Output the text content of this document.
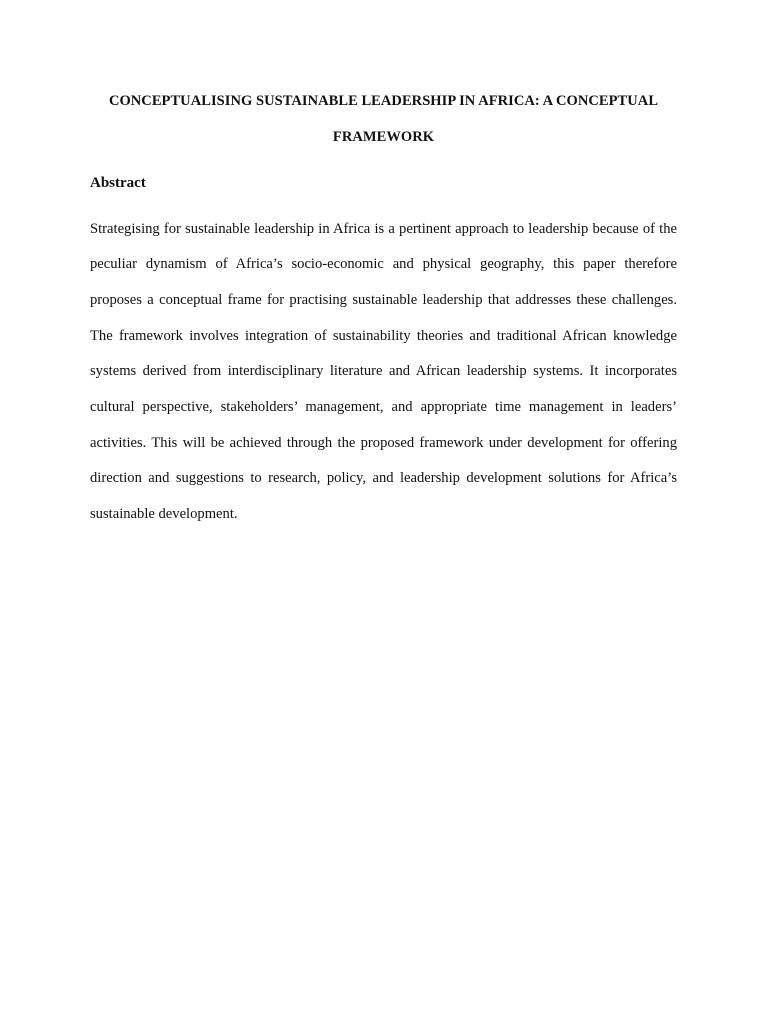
CONCEPTUALISING SUSTAINABLE LEADERSHIP IN AFRICA: A CONCEPTUAL
FRAMEWORK
Abstract

Strategising for sustainable leadership in Africa is a pertinent approach to leadership because of the peculiar dynamism of Africa’s socio-economic and physical geography, this paper therefore proposes a conceptual frame for practising sustainable leadership that addresses these challenges. The framework involves integration of sustainability theories and traditional African knowledge systems derived from interdisciplinary literature and African leadership systems. It incorporates cultural perspective, stakeholders’ management, and appropriate time management in leaders’ activities. This will be achieved through the proposed framework under development for offering direction and suggestions to research, policy, and leadership development solutions for Africa’s sustainable development.
